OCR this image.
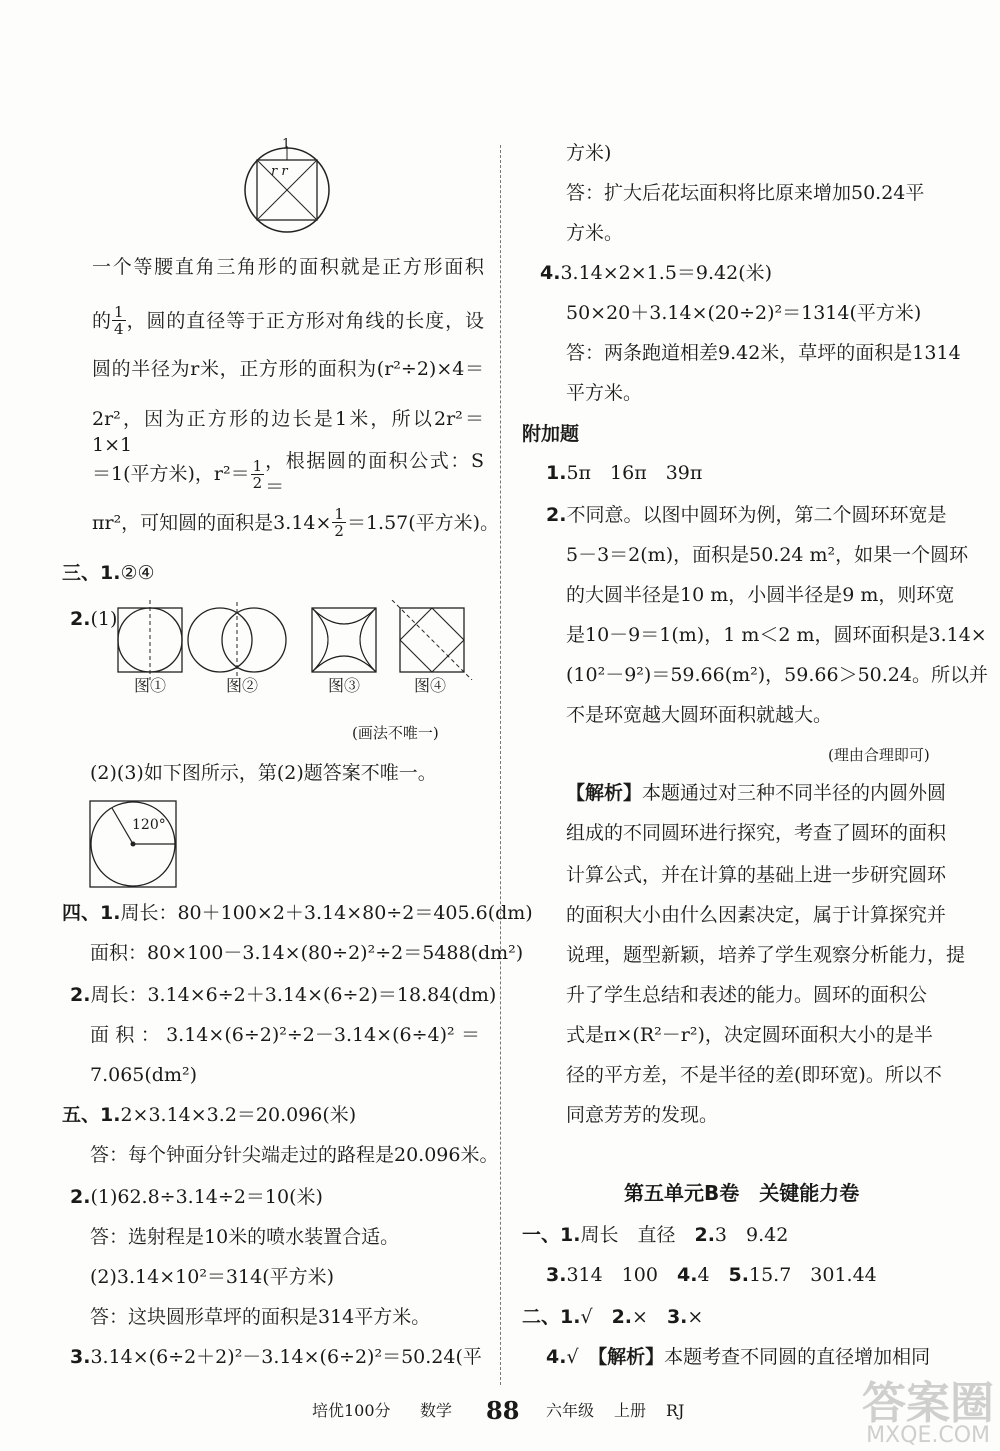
1
r r
一个等腰直角三角形的面积就是正方形面积
的 $\frac{1}{4}$ ，圆的直径等于正方形对角线的长度，设
圆的半径为r米，正方形的面积为(r²÷2)×4＝
2r²，因为正方形的边长是1米，所以2r²＝1×1
＝1(平方米)，$r^2= \frac{1}{2}$ ，根据圆的面积公式：S＝
πr²，可知圆的面积是$3.14\times \frac{1}{2} =1.57$(平方米)。
三、1.②④
2.(1)
图①	图②	图③	图④
(画法不唯一)
(2)(3)如下图所示，第(2)题答案不唯一。
120°
四、1.周长：80＋100×2＋3.14×80÷2＝405.6(dm)
面积：80×100－3.14×(80÷2)²÷2＝5488(dm²)
2.周长：3.14×6÷2＋3.14×(6÷2)＝18.84(dm)
面积：3.14×(6÷2)²÷2－3.14×(6÷4)²＝
7.065(dm²)
五、1.2×3.14×3.2＝20.096(米)
答：每个钟面分针尖端走过的路程是20.096米。
2.(1)62.8÷3.14÷2＝10(米)
答：选射程是10米的喷水装置合适。
(2)3.14×10²＝314(平方米)
答：这块圆形草坪的面积是314平方米。
3.3.14×(6÷2＋2)²－3.14×(6÷2)²＝50.24(平
方米)
答：扩大后花坛面积将比原来增加50.24平
方米。
4.3.14×2×1.5＝9.42(米)
50×20＋3.14×(20÷2)²＝1314(平方米)
答：两条跑道相差9.42米，草坪的面积是1314
平方米。
附加题
1.5π　16π　39π
2.不同意。以图中圆环为例，第二个圆环环宽是
5－3＝2(m)，面积是50.24 m²，如果一个圆环
的大圆半径是10 m，小圆半径是9 m，则环宽
是10－9＝1(m)，1 m＜2 m，圆环面积是3.14×
(10²－9²)＝59.66(m²)，59.66＞50.24。所以并
不是环宽越大圆环面积就越大。
(理由合理即可)
【解析】本题通过对三种不同半径的内圆外圆
组成的不同圆环进行探究，考查了圆环的面积
计算公式，并在计算的基础上进一步研究圆环
的面积大小由什么因素决定，属于计算探究并
说理，题型新颖，培养了学生观察分析能力，提
升了学生总结和表述的能力。圆环的面积公
式是π×(R²－r²)，决定圆环面积大小的是半
径的平方差，不是半径的差(即环宽)。所以不
同意芳芳的发现。
第五单元B卷　关键能力卷
一、1.周长　直径　2.3　9.42
3.314　100　4.4　5.15.7　301.44
二、1.√　2.×　3.×
4.√　【解析】本题考查不同圆的直径增加相同
培优100分 数学 88 六年级 上册 RJ	答案圈
MXQE.COM
